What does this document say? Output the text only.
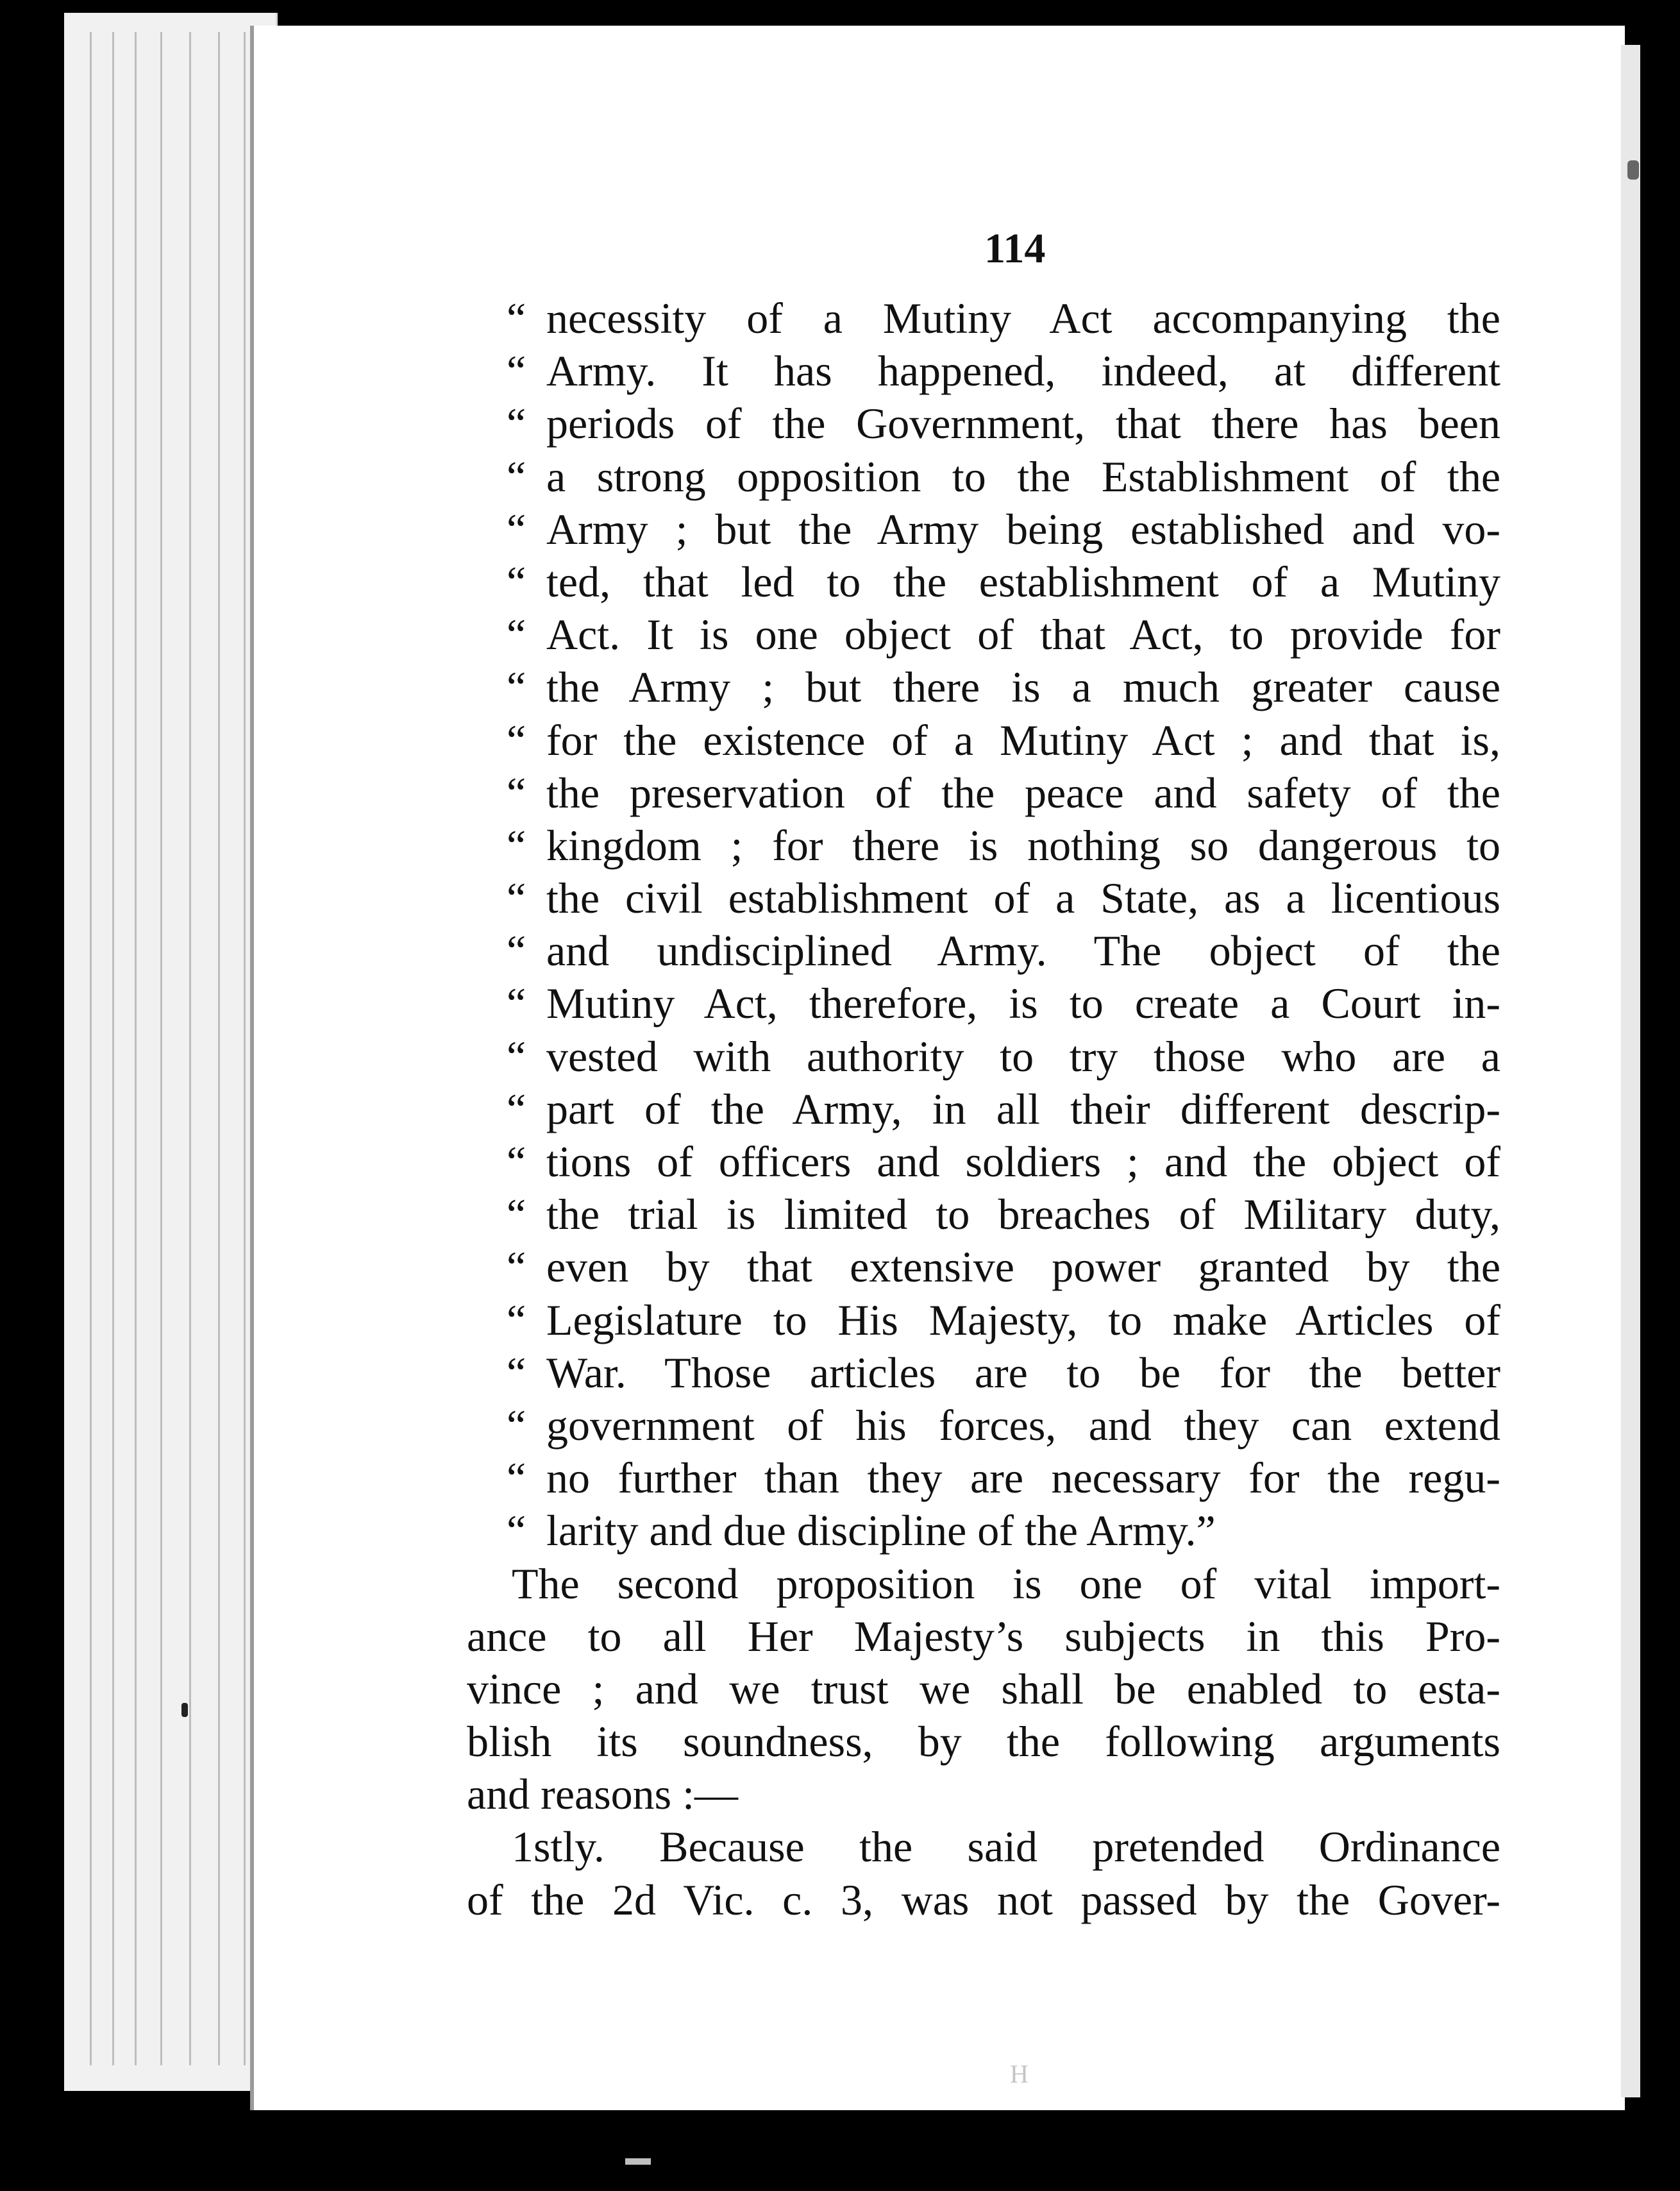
114
“ necessity of a Mutiny Act accompanying the
“ Army. It has happened, indeed, at different
“ periods of the Government, that there has been
“ a strong opposition to the Establishment of the
“ Army ; but the Army being established and vo-
“ ted, that led to the establishment of a Mutiny
“ Act. It is one object of that Act, to provide for
“ the Army ; but there is a much greater cause
“ for the existence of a Mutiny Act ; and that is,
“ the preservation of the peace and safety of the
“ kingdom ; for there is nothing so dangerous to
“ the civil establishment of a State, as a licentious
“ and undisciplined Army. The object of the
“ Mutiny Act, therefore, is to create a Court in-
“ vested with authority to try those who are a
“ part of the Army, in all their different descrip-
“ tions of officers and soldiers ; and the object of
“ the trial is limited to breaches of Military duty,
“ even by that extensive power granted by the
“ Legislature to His Majesty, to make Articles of
“ War. Those articles are to be for the better
“ government of his forces, and they can extend
“ no further than they are necessary for the regu-
“ larity and due discipline of the Army.”
The second proposition is one of vital import-
ance to all Her Majesty’s subjects in this Pro-
vince ; and we trust we shall be enabled to esta-
blish its soundness, by the following arguments
and reasons :—
1stly. Because the said pretended Ordinance
of the 2d Vic. c. 3, was not passed by the Gover-
H
